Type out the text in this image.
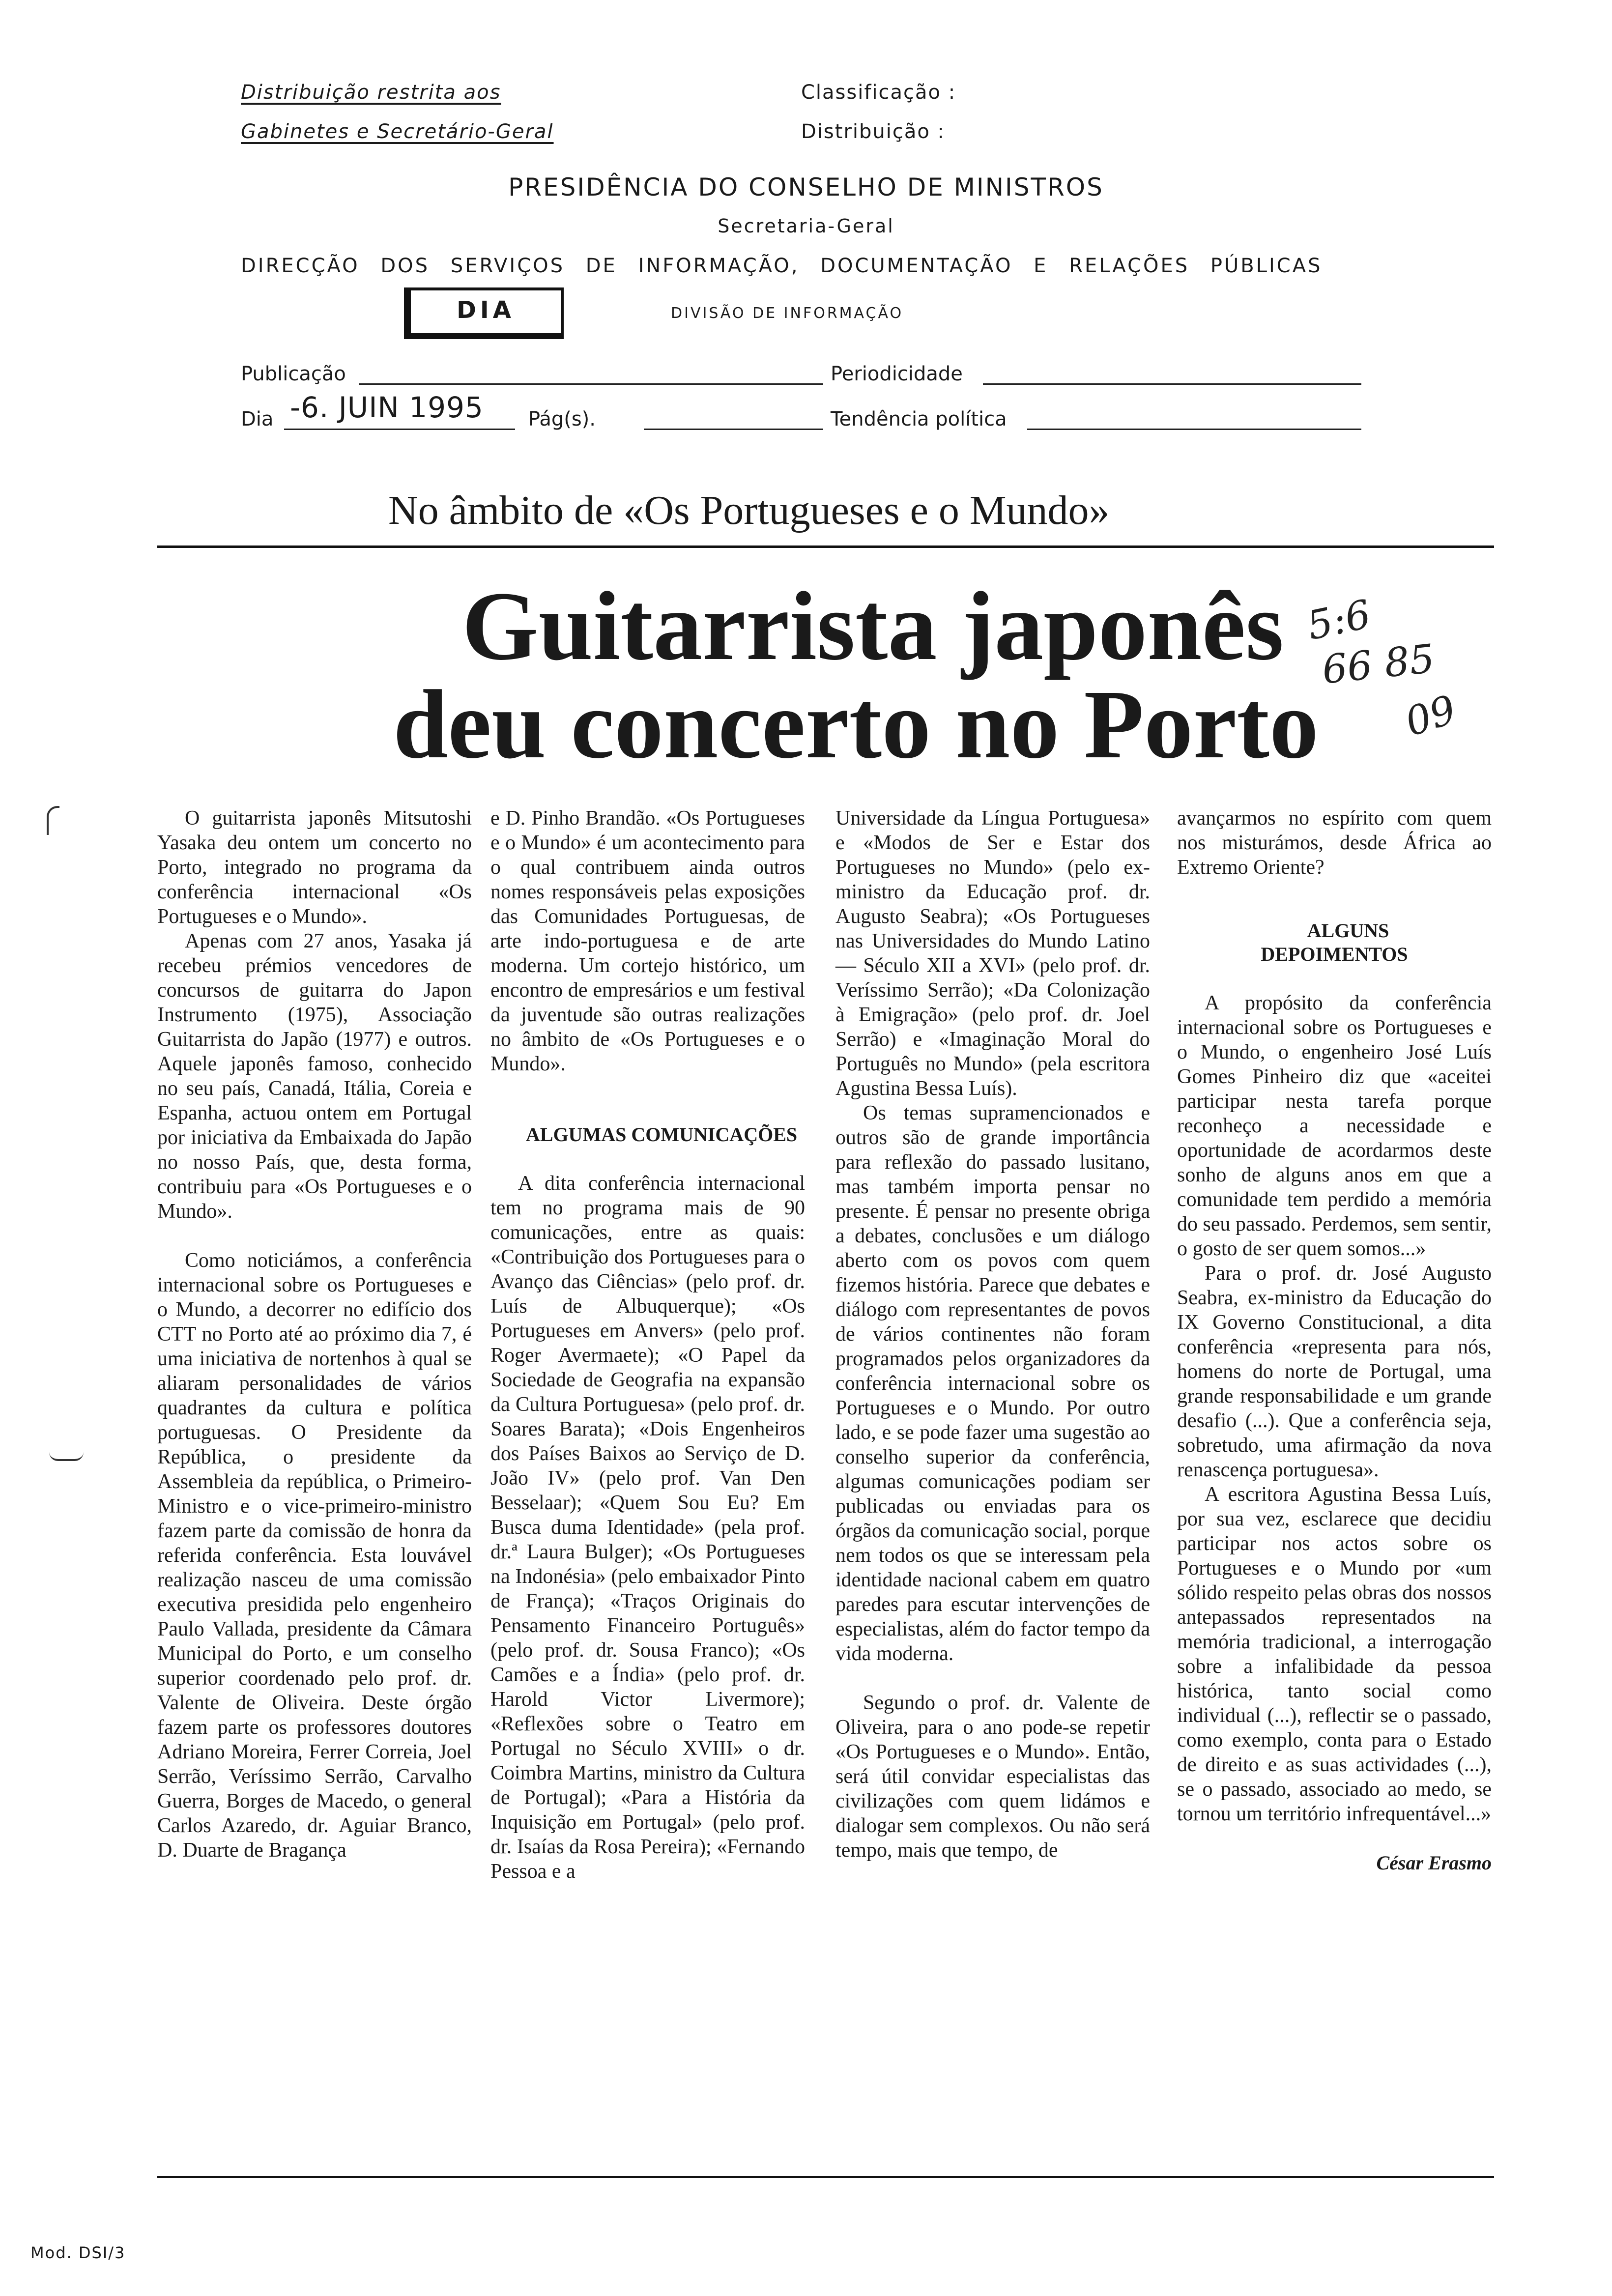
Distribuição restrita aos
Gabinetes e Secretário-Geral
Classificação :
Distribuição :
PRESIDÊNCIA DO CONSELHO DE MINISTROS
Secretaria-Geral
DIRECÇÃO DOS SERVIÇOS DE INFORMAÇÃO, DOCUMENTAÇÃO E RELAÇÕES PÚBLICAS
DIA	DIVISÃO DE INFORMAÇÃO
Publicação	Periodicidade
Dia -6. JUIN 1995 Pág(s).	Tendência política
No âmbito de «Os Portugueses e o Mundo»
Guitarrista japonês
deu concerto no Porto
5:6
66 85
09

O guitarrista japonês Mitsutoshi Yasaka deu ontem um concerto no Porto, integrado no programa da conferência internacional «Os Portugueses e o Mundo».

Apenas com 27 anos, Yasaka já recebeu prémios vencedores de concursos de guitarra do Japon Instrumento (1975), Associação Guitarrista do Japão (1977) e outros. Aquele japonês famoso, conhecido no seu país, Canadá, Itália, Coreia e Espanha, actuou ontem em Portugal por iniciativa da Embaixada do Japão no nosso País, que, desta forma, contribuiu para «Os Portugueses e o Mundo».

Como noticiámos, a conferência internacional sobre os Portugueses e o Mundo, a decorrer no edifício dos CTT no Porto até ao próximo dia 7, é uma iniciativa de nortenhos à qual se aliaram personalidades de vários quadrantes da cultura e política portuguesas. O Presidente da República, o presidente da Assembleia da república, o Primeiro-Ministro e o vice-primeiro-ministro fazem parte da comissão de honra da referida conferência. Esta louvável realização nasceu de uma comissão executiva presidida pelo engenheiro Paulo Vallada, presidente da Câmara Municipal do Porto, e um conselho superior coordenado pelo prof. dr. Valente de Oliveira. Deste órgão fazem parte os professores doutores Adriano Moreira, Ferrer Correia, Joel Serrão, Veríssimo Serrão, Carvalho Guerra, Borges de Macedo, o general Carlos Azaredo, dr. Aguiar Branco, D. Duarte de Bragança

e D. Pinho Brandão. «Os Portugueses e o Mundo» é um acontecimento para o qual contribuem ainda outros nomes responsáveis pelas exposições das Comunidades Portuguesas, de arte indo-portuguesa e de arte moderna. Um cortejo histórico, um encontro de empresários e um festival da juventude são outras realizações no âmbito de «Os Portugueses e o Mundo».

ALGUMAS COMUNICAÇÕES

A dita conferência internacional tem no programa mais de 90 comunicações, entre as quais: «Contribuição dos Portugueses para o Avanço das Ciências» (pelo prof. dr. Luís de Albuquerque); «Os Portugueses em Anvers» (pelo prof. Roger Avermaete); «O Papel da Sociedade de Geografia na expansão da Cultura Portuguesa» (pelo prof. dr. Soares Barata); «Dois Engenheiros dos Países Baixos ao Serviço de D. João IV» (pelo prof. Van Den Besselaar); «Quem Sou Eu? Em Busca duma Identidade» (pela prof. dr.ª Laura Bulger); «Os Portugueses na Indonésia» (pelo embaixador Pinto de França); «Traços Originais do Pensamento Financeiro Português» (pelo prof. dr. Sousa Franco); «Os Camões e a Índia» (pelo prof. dr. Harold Victor Livermore); «Reflexões sobre o Teatro em Portugal no Século XVIII» o dr. Coimbra Martins, ministro da Cultura de Portugal); «Para a História da Inquisição em Portugal» (pelo prof. dr. Isaías da Rosa Pereira); «Fernando Pessoa e a

Universidade da Língua Portuguesa» e «Modos de Ser e Estar dos Portugueses no Mundo» (pelo ex-ministro da Educação prof. dr. Augusto Seabra); «Os Portugueses nas Universidades do Mundo Latino — Século XII a XVI» (pelo prof. dr. Veríssimo Serrão); «Da Colonização à Emigração» (pelo prof. dr. Joel Serrão) e «Imaginação Moral do Português no Mundo» (pela escritora Agustina Bessa Luís).

Os temas supramencionados e outros são de grande importância para reflexão do passado lusitano, mas também importa pensar no presente. É pensar no presente obriga a debates, conclusões e um diálogo aberto com os povos com quem fizemos história. Parece que debates e diálogo com representantes de povos de vários continentes não foram programados pelos organizadores da conferência internacional sobre os Portugueses e o Mundo. Por outro lado, e se pode fazer uma sugestão ao conselho superior da conferência, algumas comunicações podiam ser publicadas ou enviadas para os órgãos da comunicação social, porque nem todos os que se interessam pela identidade nacional cabem em quatro paredes para escutar intervenções de especialistas, além do factor tempo da vida moderna.

Segundo o prof. dr. Valente de Oliveira, para o ano pode-se repetir «Os Portugueses e o Mundo». Então, será útil convidar especialistas das civilizações com quem lidámos e dialogar sem complexos. Ou não será tempo, mais que tempo, de

avançarmos no espírito com quem nos misturámos, desde África ao Extremo Oriente?

ALGUNS DEPOIMENTOS

A propósito da conferência internacional sobre os Portugueses e o Mundo, o engenheiro José Luís Gomes Pinheiro diz que «aceitei participar nesta tarefa porque reconheço a necessidade e oportunidade de acordarmos deste sonho de alguns anos em que a comunidade tem perdido a memória do seu passado. Perdemos, sem sentir, o gosto de ser quem somos...»

Para o prof. dr. José Augusto Seabra, ex-ministro da Educação do IX Governo Constitucional, a dita conferência «representa para nós, homens do norte de Portugal, uma grande responsabilidade e um grande desafio (...). Que a conferência seja, sobretudo, uma afirmação da nova renascença portuguesa».

A escritora Agustina Bessa Luís, por sua vez, esclarece que decidiu participar nos actos sobre os Portugueses e o Mundo por «um sólido respeito pelas obras dos nossos antepassados representados na memória tradicional, a interrogação sobre a infalibidade da pessoa histórica, tanto social como individual (...), reflectir se o passado, como exemplo, conta para o Estado de direito e as suas actividades (...), se o passado, associado ao medo, se tornou um território infrequentável...»

César Erasmo
Mod. DSI/3
